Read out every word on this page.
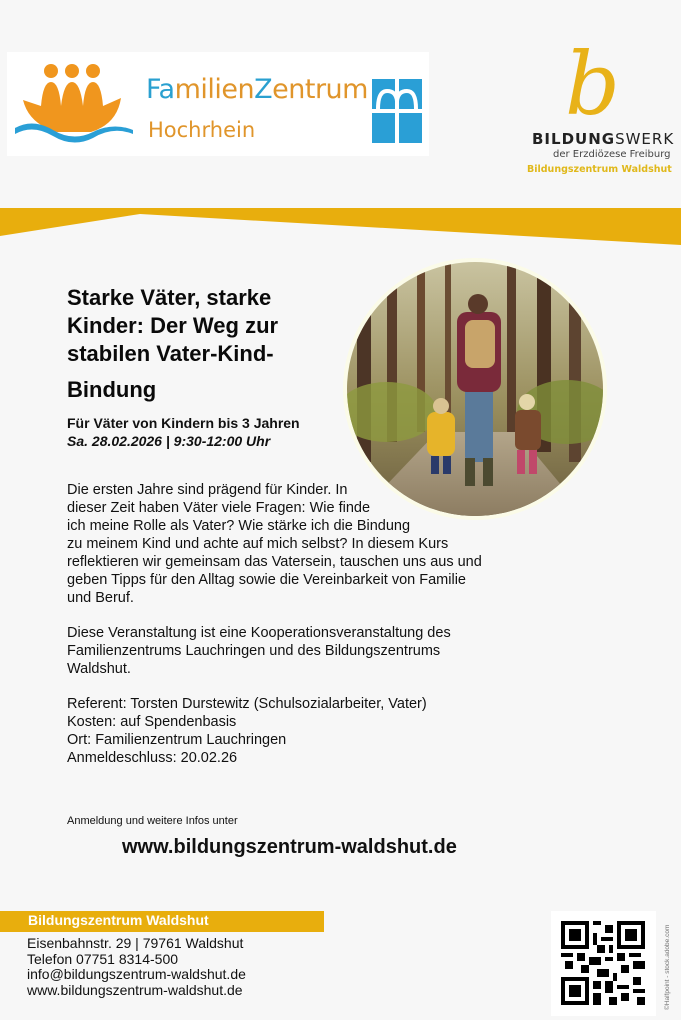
FamilienZentrum
Hochrhein	b
BILDUNGSWERK
der Erzdiözese Freiburg
Bildungszentrum Waldshut
Starke Väter, starke
Kinder: Der Weg zur
stabilen Vater-Kind-
Bindung
Für Väter von Kindern bis 3 Jahren
Sa. 28.02.2026 | 9:30-12:00 Uhr
Die ersten Jahre sind prägend für Kinder. In
dieser Zeit haben Väter viele Fragen: Wie finde
ich meine Rolle als Vater? Wie stärke ich die Bindung
zu meinem Kind und achte auf mich selbst? In diesem Kurs
reflektieren wir gemeinsam das Vatersein, tauschen uns aus und
geben Tipps für den Alltag sowie die Vereinbarkeit von Familie
und Beruf.
Diese Veranstaltung ist eine Kooperationsveranstaltung des
Familienzentrums Lauchringen und des Bildungszentrums
Waldshut.
Referent: Torsten Durstewitz (Schulsozialarbeiter, Vater)
Kosten: auf Spendenbasis
Ort: Familienzentrum Lauchringen
Anmeldeschluss: 20.02.26
Anmeldung und weitere Infos unter
www.bildungszentrum-waldshut.de
Bildungszentrum Waldshut
Eisenbahnstr. 29 | 79761 Waldshut
Telefon 07751 8314-500
info@bildungszentrum-waldshut.de
www.bildungszentrum-waldshut.de	©Halfpoint - stock.adobe.com
